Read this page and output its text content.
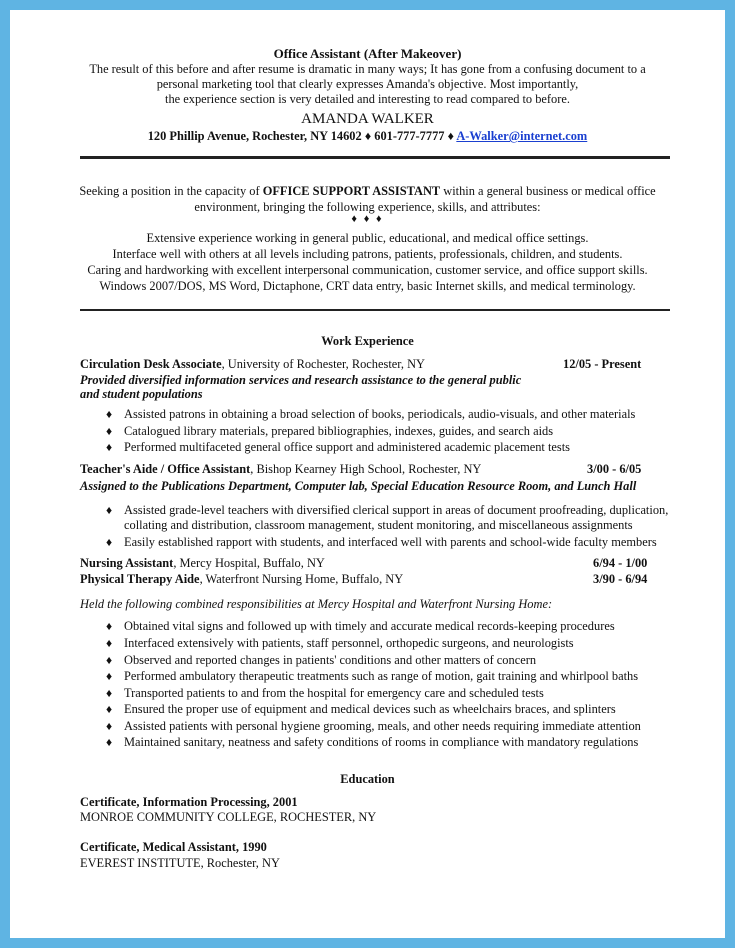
Office Assistant (After Makeover)
The result of this before and after resume is dramatic in many ways; It has gone from a confusing document to a
personal marketing tool that clearly expresses Amanda's objective. Most importantly,
the experience section is very detailed and interesting to read compared to before.
AMANDA WALKER
120 Phillip Avenue, Rochester, NY 14602 ♦ 601-777-7777 ♦ A-Walker@internet.com
Seeking a position in the capacity of OFFICE SUPPORT ASSISTANT within a general business or medical office
environment, bringing the following experience, skills, and attributes:
♦ ♦ ♦
Extensive experience working in general public, educational, and medical office settings.
Interface well with others at all levels including patrons, patients, professionals, children, and students.
Caring and hardworking with excellent interpersonal communication, customer service, and office support skills.
Windows 2007/DOS, MS Word, Dictaphone, CRT data entry, basic Internet skills, and medical terminology.
Work Experience
Circulation Desk Associate, University of Rochester, Rochester, NY	12/05 - Present
Provided diversified information services and research assistance to the general public
and student populations
♦ Assisted patrons in obtaining a broad selection of books, periodicals, audio-visuals, and other materials
♦ Catalogued library materials, prepared bibliographies, indexes, guides, and search aids
♦ Performed multifaceted general office support and administered academic placement tests
Teacher's Aide / Office Assistant, Bishop Kearney High School, Rochester, NY	3/00 - 6/05
Assigned to the Publications Department, Computer lab, Special Education Resource Room, and Lunch Hall
♦ Assisted grade-level teachers with diversified clerical support in areas of document proofreading, duplication,
collating and distribution, classroom management, student monitoring, and miscellaneous assignments
♦ Easily established rapport with students, and interfaced well with parents and school-wide faculty members
Nursing Assistant, Mercy Hospital, Buffalo, NY	6/94 - 1/00
Physical Therapy Aide, Waterfront Nursing Home, Buffalo, NY	3/90 - 6/94
Held the following combined responsibilities at Mercy Hospital and Waterfront Nursing Home:
♦ Obtained vital signs and followed up with timely and accurate medical records-keeping procedures
♦ Interfaced extensively with patients, staff personnel, orthopedic surgeons, and neurologists
♦ Observed and reported changes in patients' conditions and other matters of concern
♦ Performed ambulatory therapeutic treatments such as range of motion, gait training and whirlpool baths
♦ Transported patients to and from the hospital for emergency care and scheduled tests
♦ Ensured the proper use of equipment and medical devices such as wheelchairs braces, and splinters
♦ Assisted patients with personal hygiene grooming, meals, and other needs requiring immediate attention
♦ Maintained sanitary, neatness and safety conditions of rooms in compliance with mandatory regulations
Education
Certificate, Information Processing, 2001
MONROE COMMUNITY COLLEGE, ROCHESTER, NY
Certificate, Medical Assistant, 1990
EVEREST INSTITUTE, Rochester, NY
